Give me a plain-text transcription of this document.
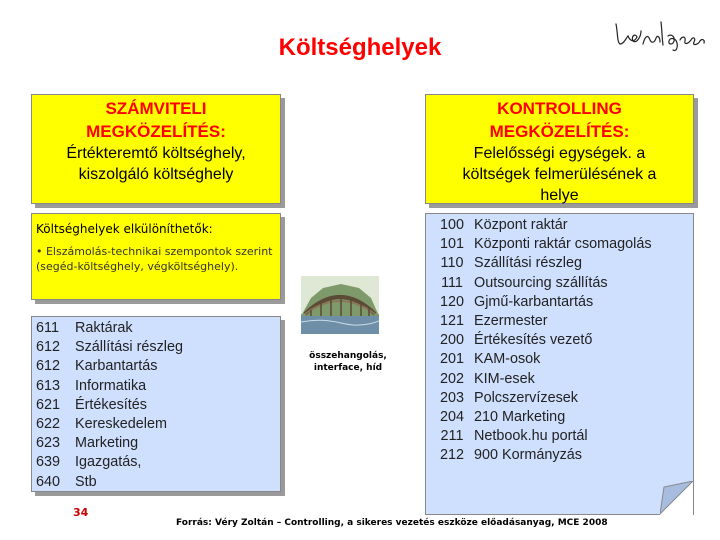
Költséghelyek
SZÁMVITELI
MEGKÖZELÍTÉS:
Értékteremtő költséghely,
kiszolgáló költséghely
KONTROLLING
MEGKÖZELÍTÉS:
Felelősségi egységek. a
költségek felmerülésének a
helye
Költséghelyek elkülöníthetők:
• Elszámolás-technikai szempontok szerint (segéd-költséghely, végköltséghely).
611	Raktárak
612	Szállítási részleg
612	Karbantartás
613	Informatika
621	Értékesítés
622	Kereskedelem
623	Marketing
639	Igazgatás,
640	Stb
100 Központ raktár
101 Központi raktár csomagolás
110 Szállítási részleg
111 Outsourcing szállítás
120 Gjmű-karbantartás
121 Ezermester
200 Értékesítés vezető
201 KAM-osok
202 KIM-esek
203 Polcszervízesek
204 210 Marketing
211 Netbook.hu portál
212 900 Kormányzás
összehangolás,
interface, híd
34
Forrás: Véry Zoltán – Controlling, a sikeres vezetés eszköze előadásanyag, MCE 2008
